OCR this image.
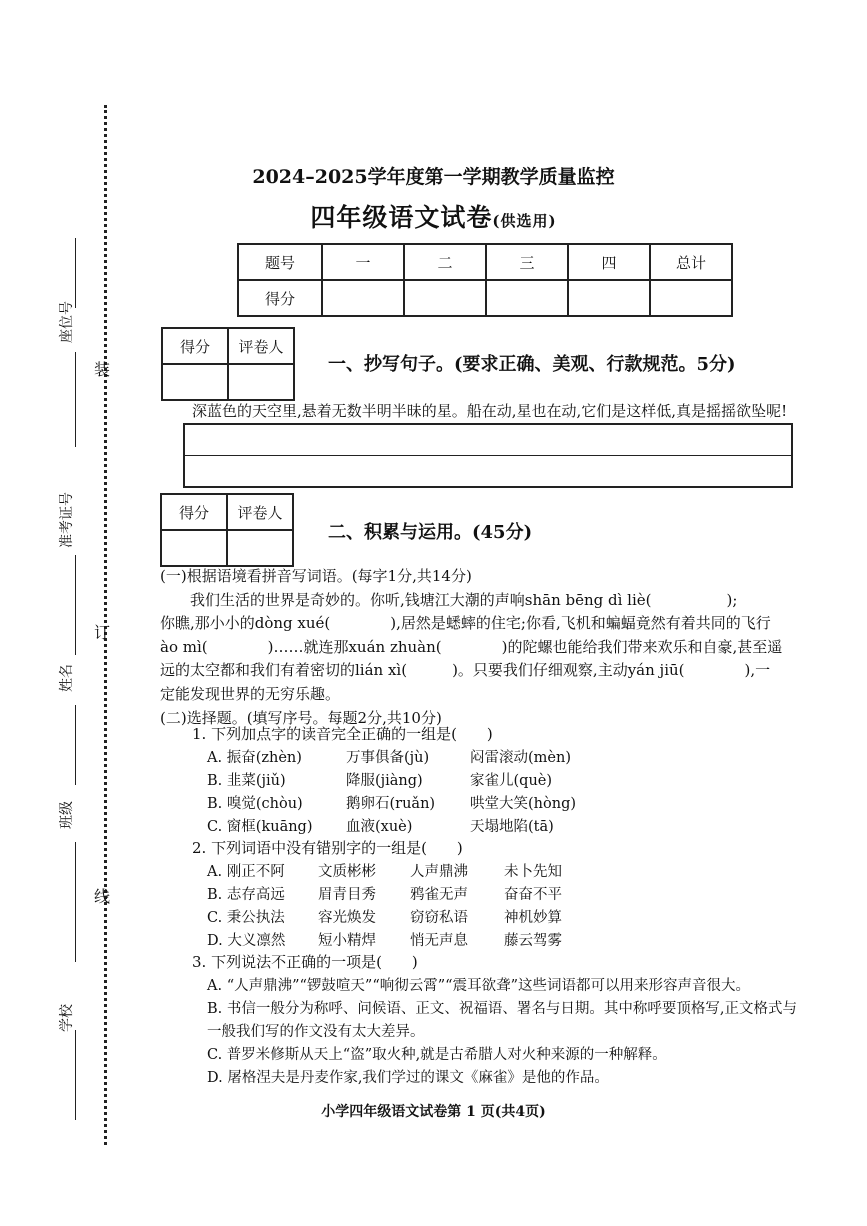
装
订
线
座位号
准考证号
姓名
班级
学校
2024–2025学年度第一学期教学质量监控
四年级语文试卷(供选用)
题号	一	二	三	四	总计
得分					
得分	评卷人

一、抄写句子。(要求正确、美观、行款规范。5分)
深蓝色的天空里,悬着无数半明半昧的星。船在动,星也在动,它们是这样低,真是摇摇欲坠呢!
得分	评卷人

二、积累与运用。(45分)

(一)根据语境看拼音写词语。(每字1分,共14分)

我们生活的世界是奇妙的。你听,钱塘江大潮的声响shān bēng dì liè(　　　　　);

你瞧,那小小的dòng xué(　　　　),居然是蟋蟀的住宅;你看,飞机和蝙蝠竟然有着共同的飞行

ào mì(　　　　)……就连那xuán zhuàn(　　　　)的陀螺也能给我们带来欢乐和自豪,甚至遥

远的太空都和我们有着密切的lián xì(　　　)。只要我们仔细观察,主动yán jiū(　　　　),一

定能发现世界的无穷乐趣。

(二)选择题。(填写序号。每题2分,共10分)

1. 下列加点字的读音完全正确的一组是(　　)
A. 振奋(zhèn)	万事俱备(jù)	闷雷滚动(mèn)
B. 韭菜(jiǔ)	降服(jiàng)	家雀儿(què)
B. 嗅觉(chòu)	鹅卵石(ruǎn) 哄堂大笑(hòng)
C. 窗框(kuāng) 血液(xuè)	天塌地陷(tā)
2. 下列词语中没有错别字的一组是(　　)
A. 刚正不阿 文质彬彬 人声鼎沸 未卜先知
B. 志存高远 眉青目秀 鸦雀无声 奋奋不平
C. 秉公执法 容光焕发 窃窃私语 神机妙算
D. 大义凛然 短小精焊 悄无声息 藤云驾雾
3. 下列说法不正确的一项是(　　)
A. “人声鼎沸”“锣鼓喧天”“响彻云霄”“震耳欲聋”这些词语都可以用来形容声音很大。
B. 书信一般分为称呼、问候语、正文、祝福语、署名与日期。其中称呼要顶格写,正文格式与
一般我们写的作文没有太大差异。
C. 普罗米修斯从天上“盗”取火种,就是古希腊人对火种来源的一种解释。
D. 屠格涅夫是丹麦作家,我们学过的课文《麻雀》是他的作品。
小学四年级语文试卷第 1 页(共4页)
